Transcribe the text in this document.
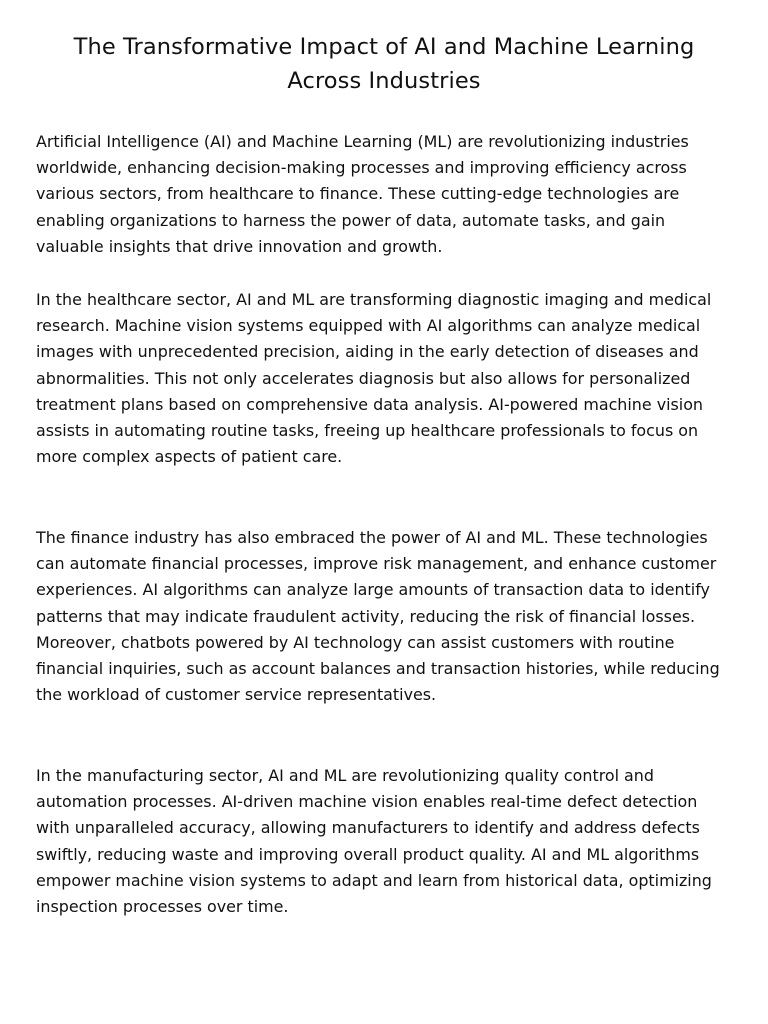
The Transformative Impact of AI and Machine Learning Across Industries

Artificial Intelligence (AI) and Machine Learning (ML) are revolutionizing industries worldwide, enhancing decision-making processes and improving efficiency across various sectors, from healthcare to finance. These cutting-edge technologies are enabling organizations to harness the power of data, automate tasks, and gain valuable insights that drive innovation and growth.

In the healthcare sector, AI and ML are transforming diagnostic imaging and medical research. Machine vision systems equipped with AI algorithms can analyze medical images with unprecedented precision, aiding in the early detection of diseases and abnormalities. This not only accelerates diagnosis but also allows for personalized treatment plans based on comprehensive data analysis. AI-powered machine vision assists in automating routine tasks, freeing up healthcare professionals to focus on more complex aspects of patient care.

The finance industry has also embraced the power of AI and ML. These technologies can automate financial processes, improve risk management, and enhance customer experiences. AI algorithms can analyze large amounts of transaction data to identify patterns that may indicate fraudulent activity, reducing the risk of financial losses. Moreover, chatbots powered by AI technology can assist customers with routine financial inquiries, such as account balances and transaction histories, while reducing the workload of customer service representatives.

In the manufacturing sector, AI and ML are revolutionizing quality control and automation processes. AI-driven machine vision enables real-time defect detection with unparalleled accuracy, allowing manufacturers to identify and address defects swiftly, reducing waste and improving overall product quality. AI and ML algorithms empower machine vision systems to adapt and learn from historical data, optimizing inspection processes over time.
